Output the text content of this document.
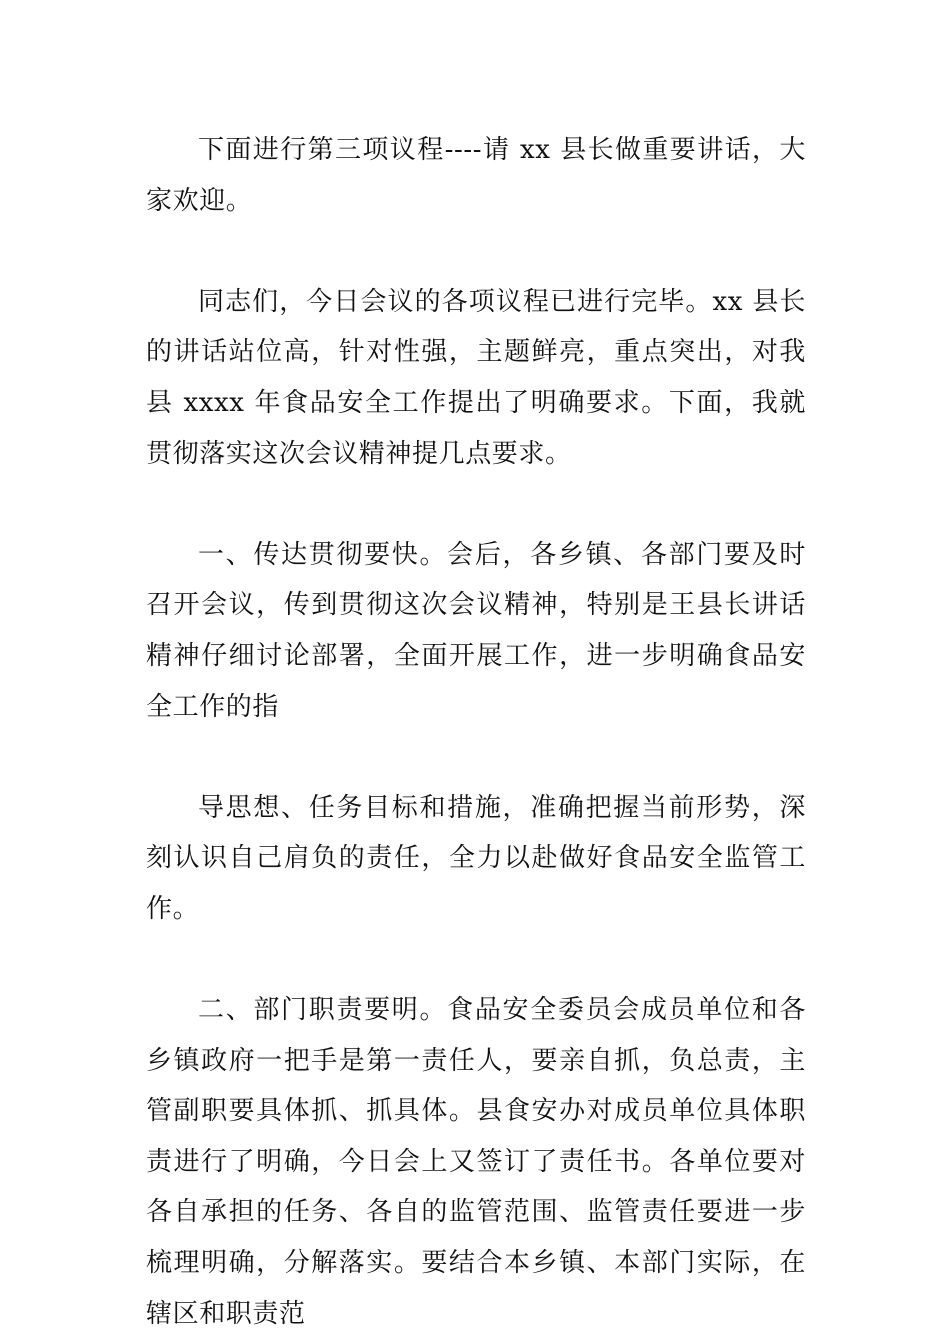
下面进行第三项议程----请 xx 县长做重要讲话，大家欢迎。

同志们，今日会议的各项议程已进行完毕。xx 县长的讲话站位高，针对性强，主题鲜亮，重点突出，对我县 xxxx 年食品安全工作提出了明确要求。下面，我就贯彻落实这次会议精神提几点要求。

一、传达贯彻要快。会后，各乡镇、各部门要及时召开会议，传到贯彻这次会议精神，特别是王县长讲话精神仔细讨论部署，全面开展工作，进一步明确食品安全工作的指

导思想、任务目标和措施，准确把握当前形势，深刻认识自己肩负的责任，全力以赴做好食品安全监管工作。

二、部门职责要明。食品安全委员会成员单位和各乡镇政府一把手是第一责任人，要亲自抓，负总责，主管副职要具体抓、抓具体。县食安办对成员单位具体职责进行了明确，今日会上又签订了责任书。各单位要对各自承担的任务、各自的监管范围、监管责任要进一步梳理明确，分解落实。要结合本乡镇、本部门实际，在辖区和职责范
